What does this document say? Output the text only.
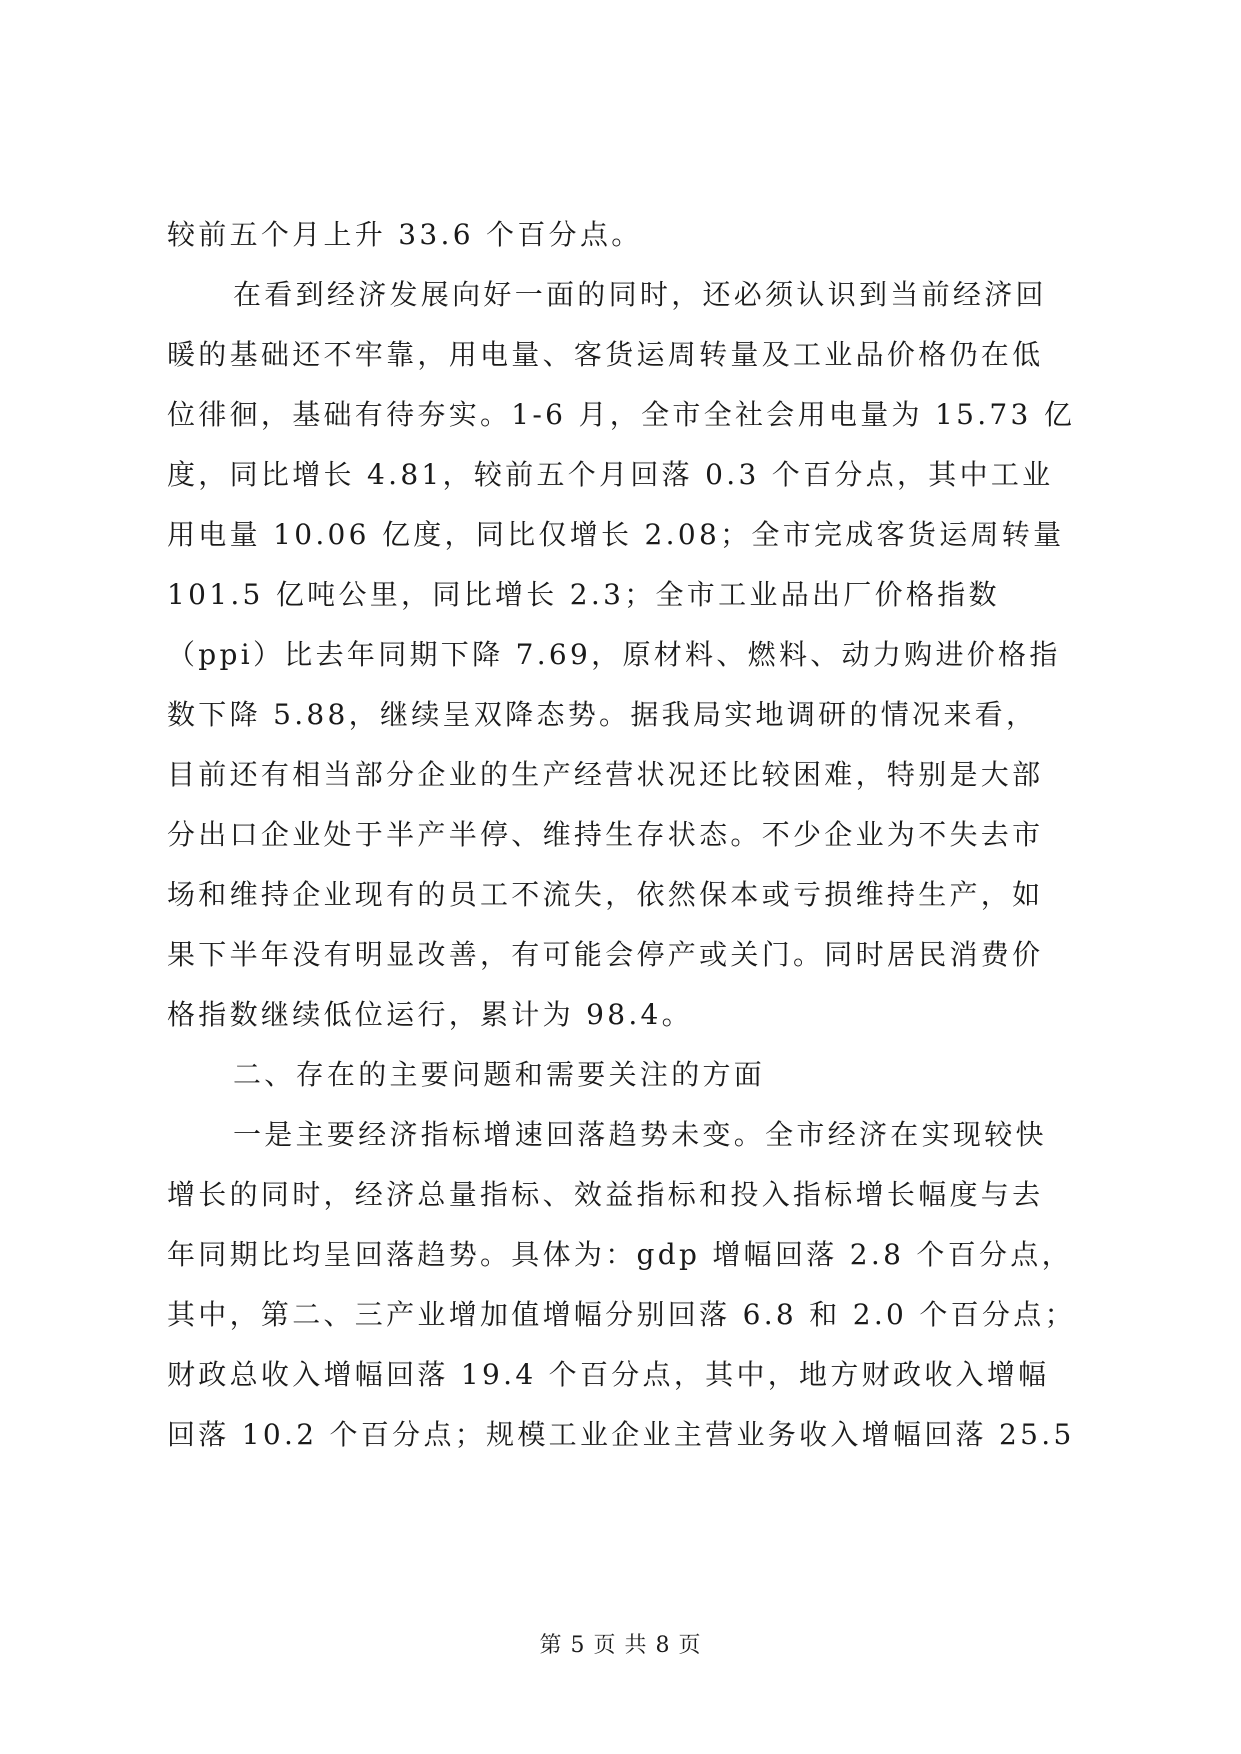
较前五个月上升 33.6 个百分点。
在看到经济发展向好一面的同时，还必须认识到当前经济回
暖的基础还不牢靠，用电量、客货运周转量及工业品价格仍在低
位徘徊，基础有待夯实。1-6 月，全市全社会用电量为 15.73 亿
度，同比增长 4.81，较前五个月回落 0.3 个百分点，其中工业
用电量 10.06 亿度，同比仅增长 2.08；全市完成客货运周转量
101.5 亿吨公里，同比增长 2.3；全市工业品出厂价格指数
（ppi）比去年同期下降 7.69，原材料、燃料、动力购进价格指
数下降 5.88，继续呈双降态势。据我局实地调研的情况来看，
目前还有相当部分企业的生产经营状况还比较困难，特别是大部
分出口企业处于半产半停、维持生存状态。不少企业为不失去市
场和维持企业现有的员工不流失，依然保本或亏损维持生产，如
果下半年没有明显改善，有可能会停产或关门。同时居民消费价
格指数继续低位运行，累计为 98.4。
二、存在的主要问题和需要关注的方面
一是主要经济指标增速回落趋势未变。全市经济在实现较快
增长的同时，经济总量指标、效益指标和投入指标增长幅度与去
年同期比均呈回落趋势。具体为：gdp 增幅回落 2.8 个百分点，
其中，第二、三产业增加值增幅分别回落 6.8 和 2.0 个百分点；
财政总收入增幅回落 19.4 个百分点，其中，地方财政收入增幅
回落 10.2 个百分点；规模工业企业主营业务收入增幅回落 25.5
第 5 页 共 8 页
